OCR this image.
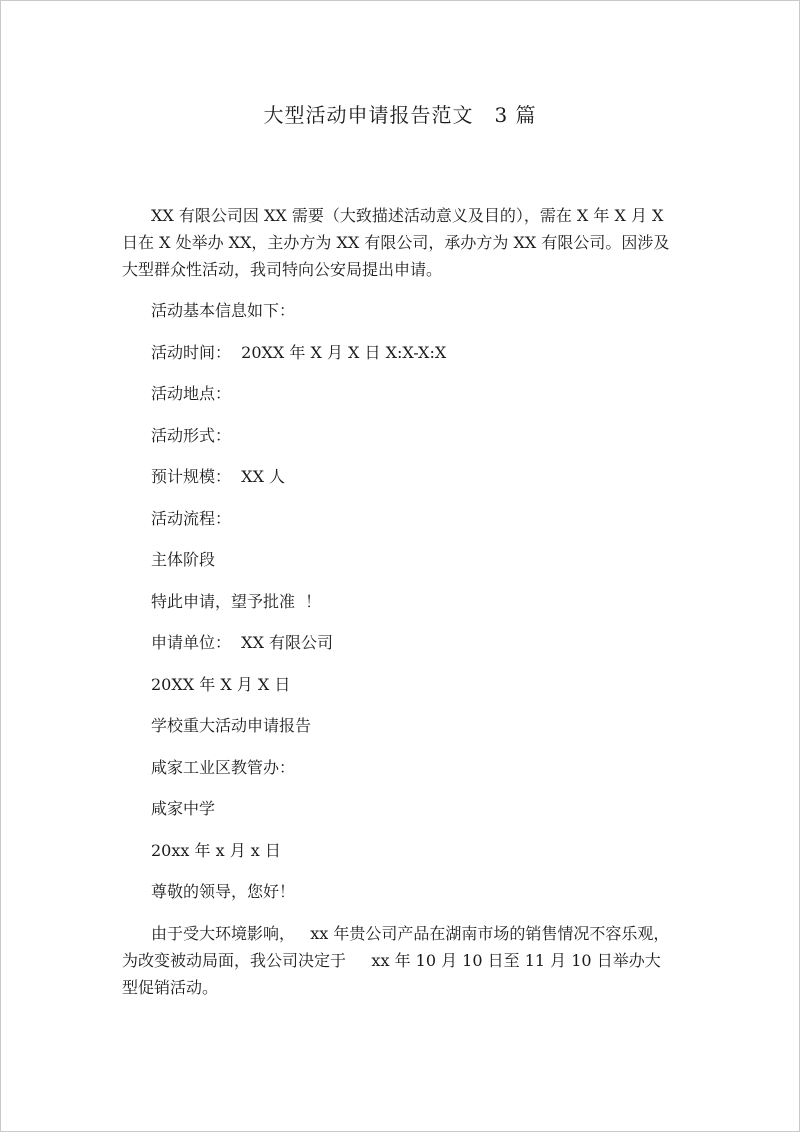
大型活动申请报告范文　3 篇

XX 有限公司因 XX 需要（大致描述活动意义及目的），需在 X 年 X 月 X 日在 X 处举办 XX，主办方为 XX 有限公司，承办方为 XX 有限公司。因涉及大型群众性活动，我司特向公安局提出申请。

活动基本信息如下：

活动时间：  20XX 年 X 月 X 日 X:X-X:X

活动地点：

活动形式：

预计规模：  XX 人

活动流程：

主体阶段

特此申请，望予批准  ！

申请单位：  XX 有限公司

20XX 年 X 月 X 日

学校重大活动申请报告

咸家工业区教管办：

咸家中学

20xx 年 x 月 x 日

尊敬的领导，您好！

由于受大环境影响，   xx 年贵公司产品在湖南市场的销售情况不容乐观，为改变被动局面，我公司决定于     xx 年 10 月 10 日至 11 月 10 日举办大型促销活动。
